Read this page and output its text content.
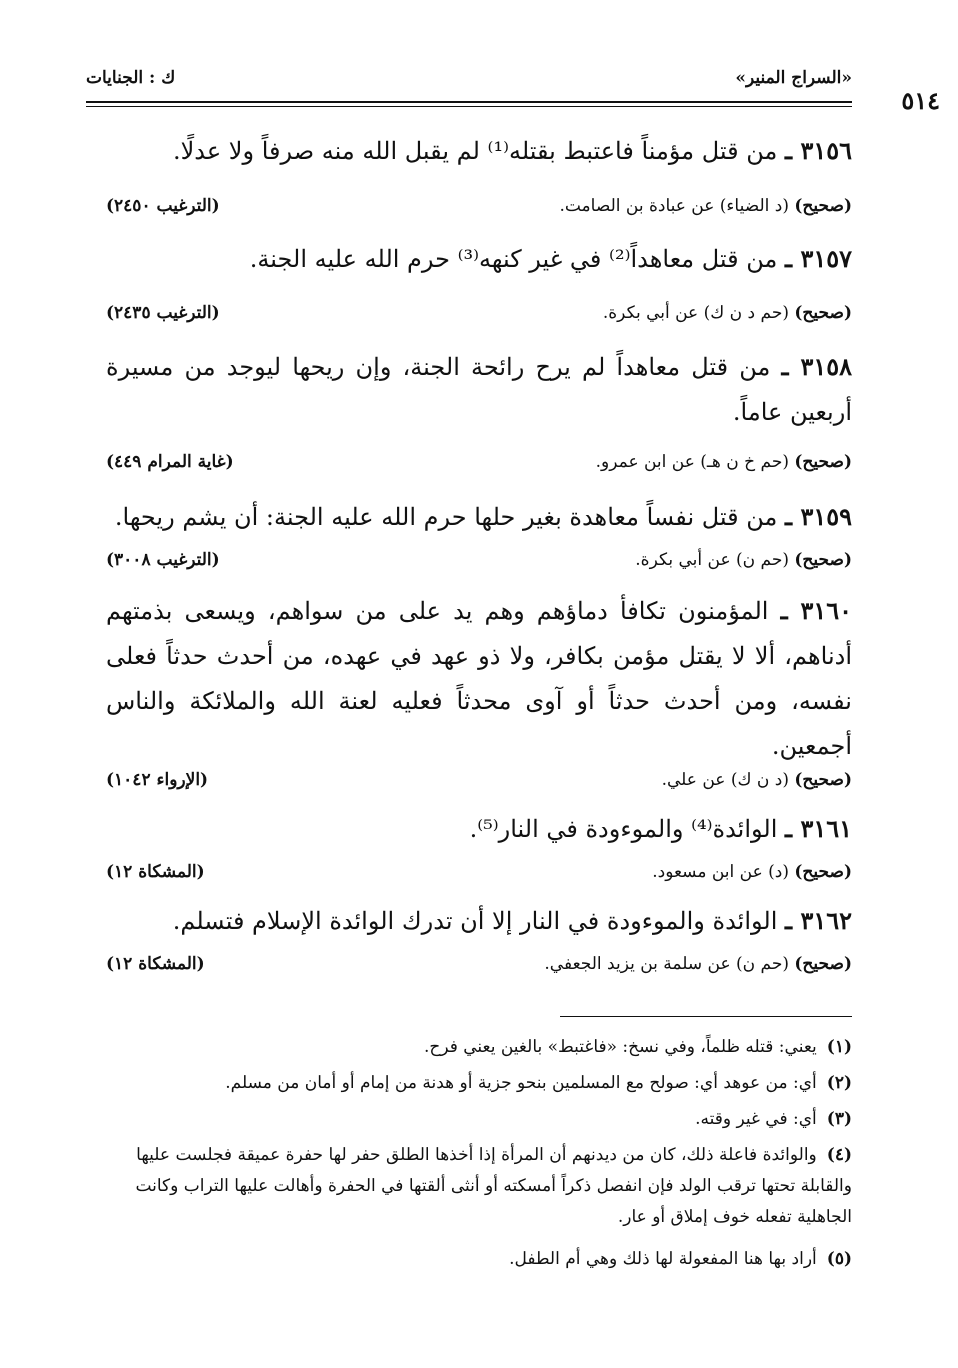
«السراج المنير»
ك : الجنايات
٥١٤
٣١٥٦ ـ من قتل مؤمناً فاعتبط بقتله⁽¹⁾ لم يقبل الله منه صرفاً ولا عدلًا.
(صحيح) (د الضياء) عن عبادة بن الصامت.
(الترغيب ٢٤٥٠)
٣١٥٧ ـ من قتل معاهداً⁽²⁾ في غير كنهه⁽³⁾ حرم الله عليه الجنة.
(صحيح) (حم د ن ك) عن أبي بكرة.
(الترغيب ٢٤٣٥)
٣١٥٨ ـ من قتل معاهداً لم يرح رائحة الجنة، وإن ريحها ليوجد من مسيرة أربعين عاماً.
(صحيح) (حم خ ن هـ) عن ابن عمرو.
(غاية المرام ٤٤٩)
٣١٥٩ ـ من قتل نفساً معاهدة بغير حلها حرم الله عليه الجنة: أن يشم ريحها.
(صحيح) (حم ن) عن أبي بكرة.
(الترغيب ٣٠٠٨)
٣١٦٠ ـ المؤمنون تكافأ دماؤهم وهم يد على من سواهم، ويسعى بذمتهم أدناهم، ألا لا يقتل مؤمن بكافر، ولا ذو عهد في عهده، من أحدث حدثاً فعلى نفسه، ومن أحدث حدثاً أو آوى محدثاً فعليه لعنة الله والملائكة والناس أجمعين.
(صحيح) (د ن ك) عن علي.
(الإرواء ١٠٤٢)
٣١٦١ ـ الوائدة⁽⁴⁾ والموءودة في النار⁽⁵⁾.
(صحيح) (د) عن ابن مسعود.
(المشكاة ١٢)
٣١٦٢ ـ الوائدة والموءودة في النار إلا أن تدرك الوائدة الإسلام فتسلم.
(صحيح) (حم ن) عن سلمة بن يزيد الجعفي.
(المشكاة ١٢)
(١)يعني: قتله ظلماً، وفي نسخ: «فاغتبط» بالغين يعني فرح.
(٢)أي: من عوهد أي: صولح مع المسلمين بنحو جزية أو هدنة من إمام أو أمان من مسلم.
(٣)أي: في غير وقته.
(٤)والوائدة فاعلة ذلك، كان من ديدنهم أن المرأة إذا أخذها الطلق حفر لها حفرة عميقة فجلست عليها والقابلة تحتها ترقب الولد فإن انفصل ذكراً أمسكته أو أنثى ألقتها في الحفرة وأهالت عليها التراب وكانت الجاهلية تفعله خوف إملاق أو عار.
(٥)أراد بها هنا المفعولة لها ذلك وهي أم الطفل.
